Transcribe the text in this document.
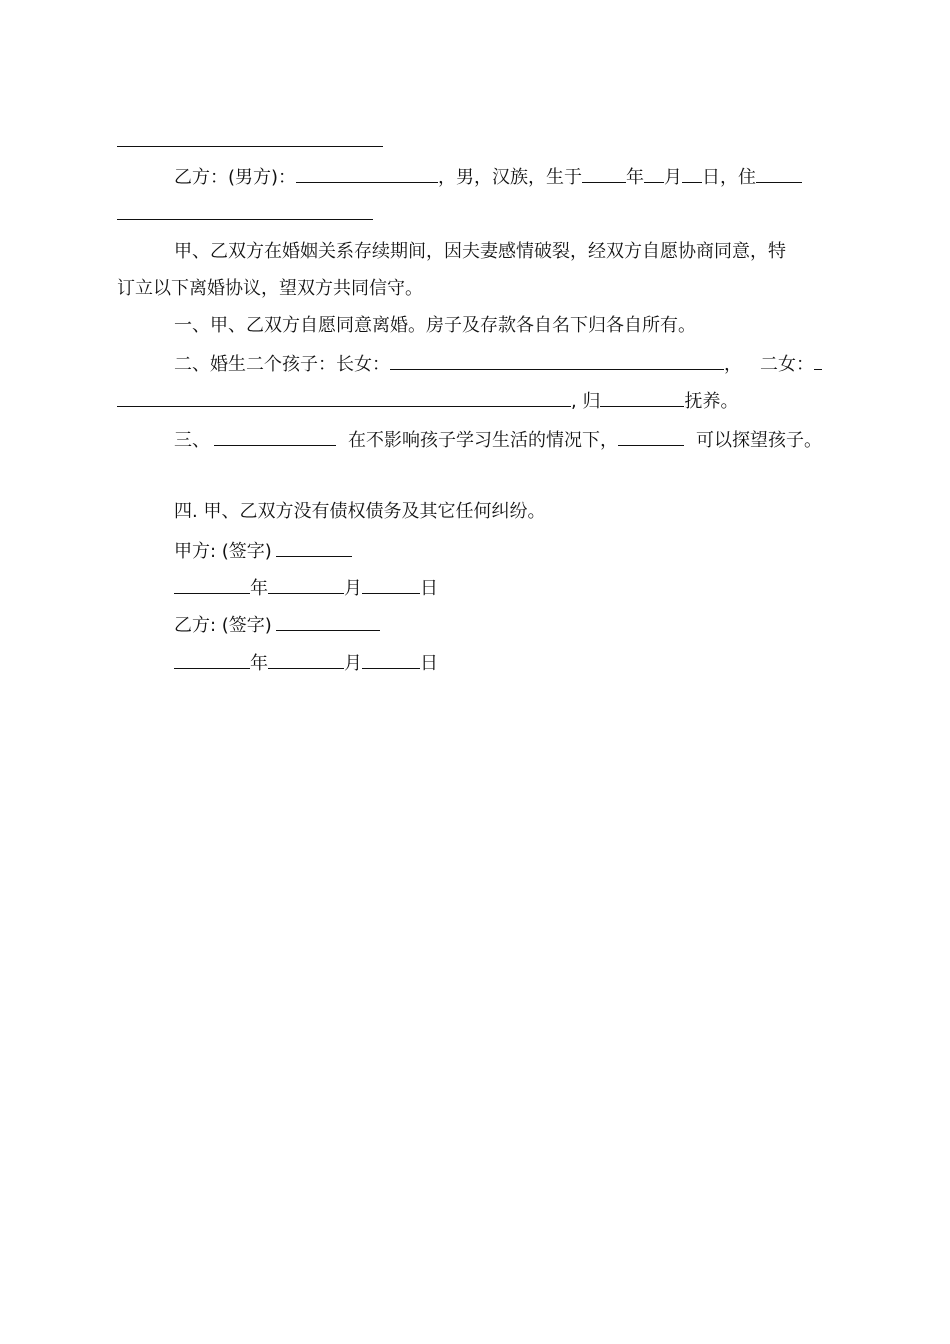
乙方：(男方)：	，男，汉族，生于 年 月 日，住
甲、乙双方在婚姻关系存续期间，因夫妻感情破裂，经双方自愿协商同意，特
订立以下离婚协议，望双方共同信守。
一、甲、乙双方自愿同意离婚。房子及存款各自名下归各自所有。
二、婚生二个孩子：长女：	， 二女：
, 归	抚养。
三、	在不影响孩子学习生活的情况下，	可以探望孩子。
四. 甲、乙双方没有债权债务及其它任何纠纷。
甲方: (签字)
年	月	日
乙方: (签字)
年	月	日
